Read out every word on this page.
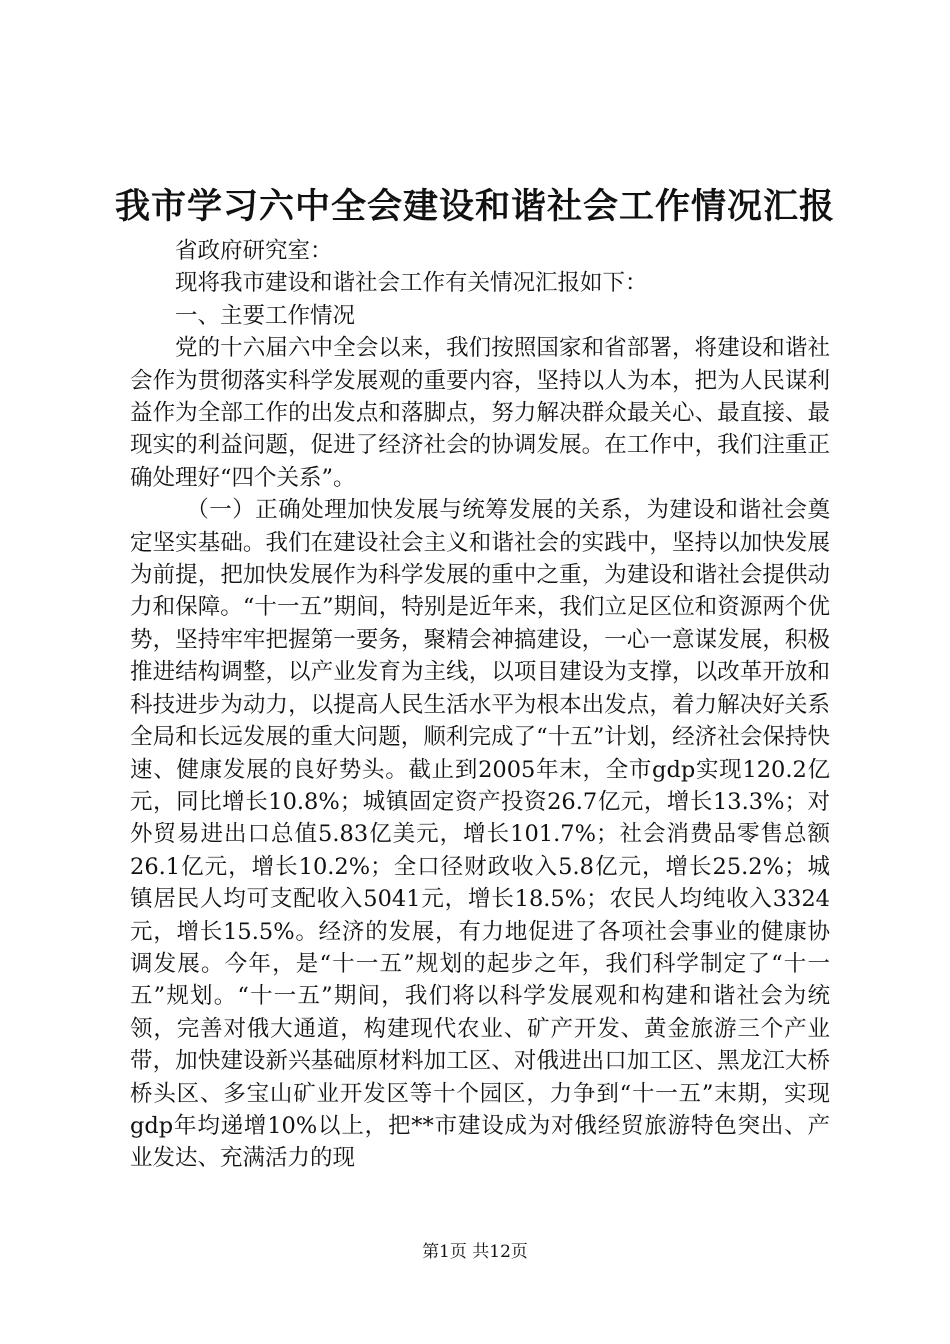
我市学习六中全会建设和谐社会工作情况汇报

省政府研究室：

现将我市建设和谐社会工作有关情况汇报如下：

一、主要工作情况

党的十六届六中全会以来，我们按照国家和省部署，将建设和谐社会作为贯彻落实科学发展观的重要内容，坚持以人为本，把为人民谋利益作为全部工作的出发点和落脚点，努力解决群众最关心、最直接、最现实的利益问题，促进了经济社会的协调发展。在工作中，我们注重正确处理好“四个关系”。

（一）正确处理加快发展与统筹发展的关系，为建设和谐社会奠定坚实基础。我们在建设社会主义和谐社会的实践中，坚持以加快发展为前提，把加快发展作为科学发展的重中之重，为建设和谐社会提供动力和保障。“十一五”期间，特别是近年来，我们立足区位和资源两个优势，坚持牢牢把握第一要务，聚精会神搞建设，一心一意谋发展，积极推进结构调整，以产业发育为主线，以项目建设为支撑，以改革开放和科技进步为动力，以提高人民生活水平为根本出发点，着力解决好关系全局和长远发展的重大问题，顺利完成了“十五”计划，经济社会保持快速、健康发展的良好势头。截止到2005年末，全市gdp实现120.2亿元，同比增长10.8%；城镇固定资产投资26.7亿元，增长13.3%；对外贸易进出口总值5.83亿美元，增长101.7%；社会消费品零售总额26.1亿元，增长10.2%；全口径财政收入5.8亿元，增长25.2%；城镇居民人均可支配收入5041元，增长18.5%；农民人均纯收入3324元，增长15.5%。经济的发展，有力地促进了各项社会事业的健康协调发展。今年，是“十一五”规划的起步之年，我们科学制定了“十一五”规划。“十一五”期间，我们将以科学发展观和构建和谐社会为统领，完善对俄大通道，构建现代农业、矿产开发、黄金旅游三个产业带，加快建设新兴基础原材料加工区、对俄进出口加工区、黑龙江大桥桥头区、多宝山矿业开发区等十个园区，力争到“十一五”末期，实现gdp年均递增10%以上，把**市建设成为对俄经贸旅游特色突出、产业发达、充满活力的现

第1页 共12页
